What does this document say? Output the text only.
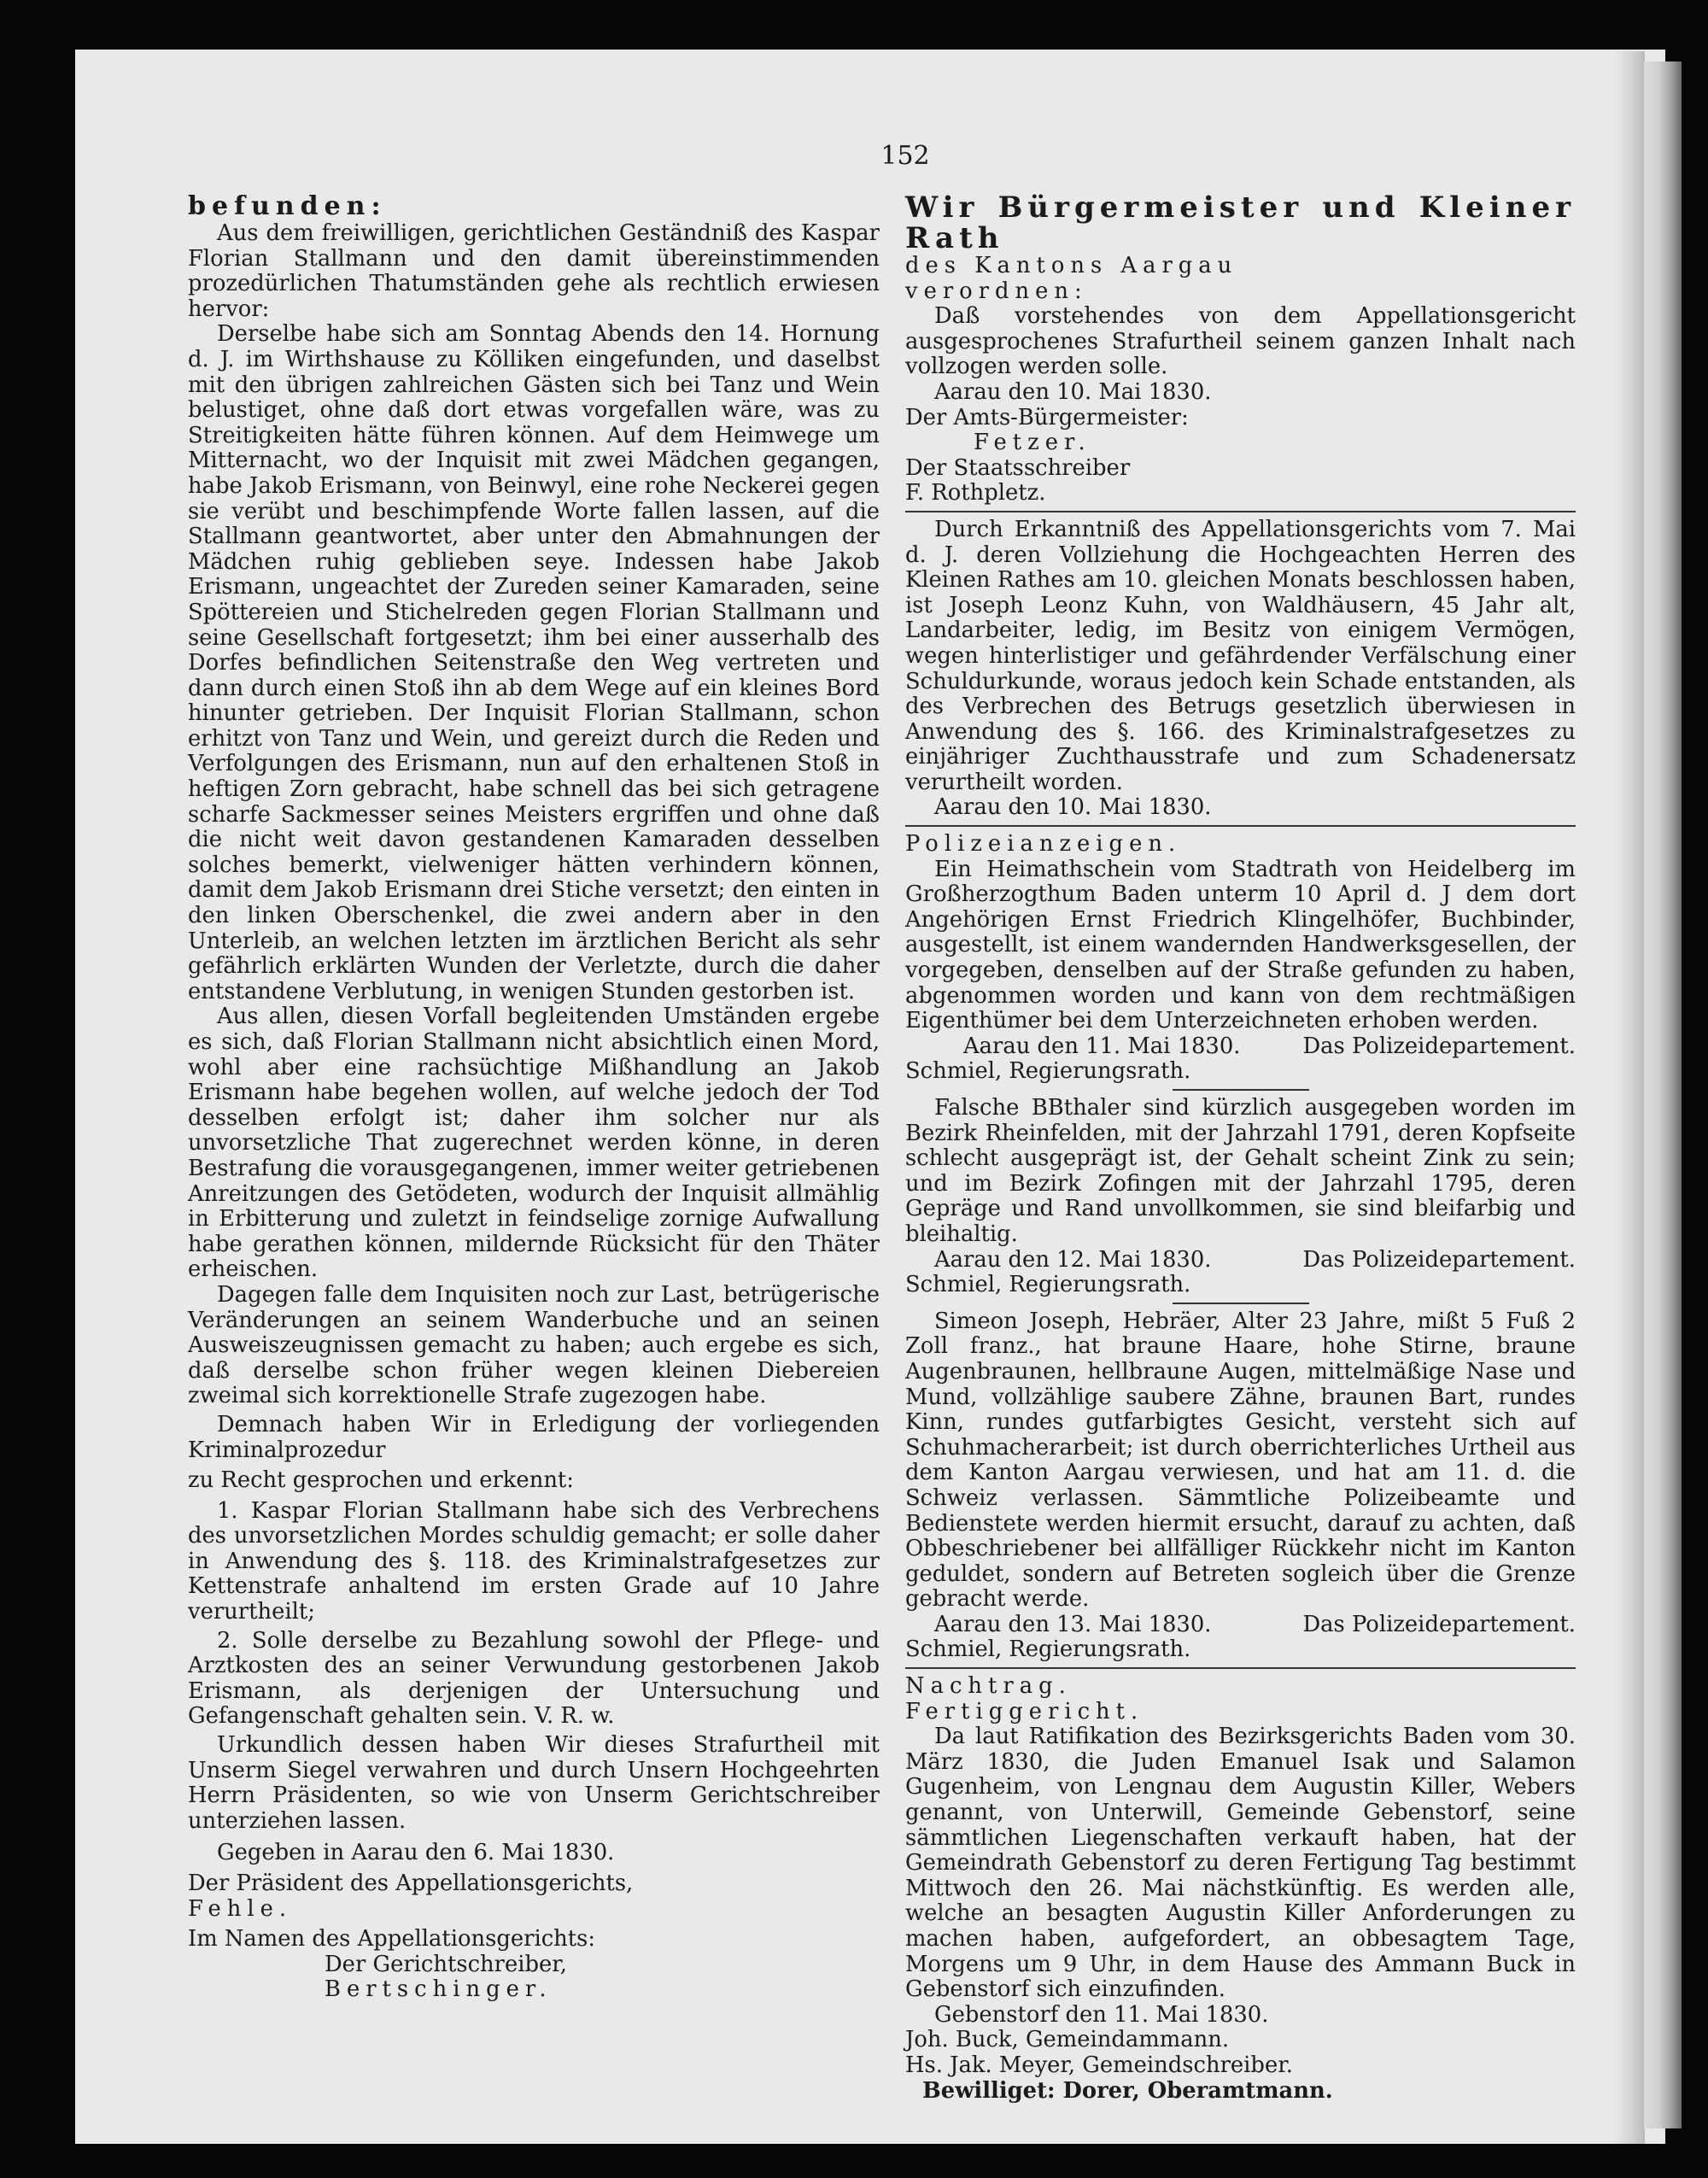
152

befunden:

Aus dem freiwilligen, gerichtlichen Geständniß des Kaspar Florian Stallmann und den damit übereinstimmenden prozedürlichen Thatumständen gehe als rechtlich erwiesen hervor:

Derselbe habe sich am Sonntag Abends den 14. Hornung d. J. im Wirthshause zu Kölliken eingefunden, und daselbst mit den übrigen zahlreichen Gästen sich bei Tanz und Wein belustiget, ohne daß dort etwas vorgefallen wäre, was zu Streitigkeiten hätte führen können. Auf dem Heimwege um Mitternacht, wo der Inquisit mit zwei Mädchen gegangen, habe Jakob Erismann, von Beinwyl, eine rohe Neckerei gegen sie verübt und beschimpfende Worte fallen lassen, auf die Stallmann geantwortet, aber unter den Abmahnungen der Mädchen ruhig geblieben seye. Indessen habe Jakob Erismann, ungeachtet der Zureden seiner Kamaraden, seine Spöttereien und Stichelreden gegen Florian Stallmann und seine Gesellschaft fortgesetzt; ihm bei einer ausserhalb des Dorfes befindlichen Seitenstraße den Weg vertreten und dann durch einen Stoß ihn ab dem Wege auf ein kleines Bord hinunter getrieben. Der Inquisit Florian Stallmann, schon erhitzt von Tanz und Wein, und gereizt durch die Reden und Verfolgungen des Erismann, nun auf den erhaltenen Stoß in heftigen Zorn gebracht, habe schnell das bei sich getragene scharfe Sackmesser seines Meisters ergriffen und ohne daß die nicht weit davon gestandenen Kamaraden desselben solches bemerkt, vielweniger hätten verhindern können, damit dem Jakob Erismann drei Stiche versetzt; den einten in den linken Oberschenkel, die zwei andern aber in den Unterleib, an welchen letzten im ärztlichen Bericht als sehr gefährlich erklärten Wunden der Verletzte, durch die daher entstandene Verblutung, in wenigen Stunden gestorben ist.

Aus allen, diesen Vorfall begleitenden Umständen ergebe es sich, daß Florian Stallmann nicht absichtlich einen Mord, wohl aber eine rachsüchtige Mißhandlung an Jakob Erismann habe begehen wollen, auf welche jedoch der Tod desselben erfolgt ist; daher ihm solcher nur als unvorsetzliche That zugerechnet werden könne, in deren Bestrafung die vorausgegangenen, immer weiter getriebenen Anreitzungen des Getödeten, wodurch der Inquisit allmählig in Erbitterung und zuletzt in feindselige zornige Aufwallung habe gerathen können, mildernde Rücksicht für den Thäter erheischen.

Dagegen falle dem Inquisiten noch zur Last, betrügerische Veränderungen an seinem Wanderbuche und an seinen Ausweiszeugnissen gemacht zu haben; auch ergebe es sich, daß derselbe schon früher wegen kleinen Diebereien zweimal sich korrektionelle Strafe zugezogen habe.

Demnach haben Wir in Erledigung der vorliegenden Kriminalprozedur

zu Recht gesprochen und erkennt:

1. Kaspar Florian Stallmann habe sich des Verbrechens des unvorsetzlichen Mordes schuldig gemacht; er solle daher in Anwendung des §. 118. des Kriminalstrafgesetzes zur Kettenstrafe anhaltend im ersten Grade auf 10 Jahre verurtheilt;

2. Solle derselbe zu Bezahlung sowohl der Pflege- und Arztkosten des an seiner Verwundung gestorbenen Jakob Erismann, als derjenigen der Untersuchung und Gefangenschaft gehalten sein. V. R. w.

Urkundlich dessen haben Wir dieses Strafurtheil mit Unserm Siegel verwahren und durch Unsern Hochgeehrten Herrn Präsidenten, so wie von Unserm Gerichtschreiber unterziehen lassen.

Gegeben in Aarau den 6. Mai 1830.

Der Präsident des Appellationsgerichts,

Fehle.

Im Namen des Appellationsgerichts:

Der Gerichtschreiber,

Bertschinger.

Wir Bürgermeister und Kleiner Rath

des Kantons Aargau

verordnen:

Daß vorstehendes von dem Appellationsgericht ausgesprochenes Strafurtheil seinem ganzen Inhalt nach vollzogen werden solle.

Aarau den 10. Mai 1830.

Der Amts-Bürgermeister:

Fetzer.

Der Staatsschreiber

F. Rothpletz.

Durch Erkanntniß des Appellationsgerichts vom 7. Mai d. J. deren Vollziehung die Hochgeachten Herren des Kleinen Rathes am 10. gleichen Monats beschlossen haben, ist Joseph Leonz Kuhn, von Waldhäusern, 45 Jahr alt, Landarbeiter, ledig, im Besitz von einigem Vermögen, wegen hinterlistiger und gefährdender Verfälschung einer Schuldurkunde, woraus jedoch kein Schade entstanden, als des Verbrechen des Betrugs gesetzlich überwiesen in Anwendung des §. 166. des Kriminalstrafgesetzes zu einjähriger Zuchthausstrafe und zum Schadenersatz verurtheilt worden.

Aarau den 10. Mai 1830.

Polizeianzeigen.

Ein Heimathschein vom Stadtrath von Heidelberg im Großherzogthum Baden unterm 10 April d. J dem dort Angehörigen Ernst Friedrich Klingelhöfer, Buchbinder, ausgestellt, ist einem wandernden Handwerksgesellen, der vorgegeben, denselben auf der Straße gefunden zu haben, abgenommen worden und kann von dem rechtmäßigen Eigenthümer bei dem Unterzeichneten erhoben werden.

Aarau den 11. Mai 1830.	Das Polizeidepartement.

Schmiel, Regierungsrath.

Falsche BBthaler sind kürzlich ausgegeben worden im Bezirk Rheinfelden, mit der Jahrzahl 1791, deren Kopfseite schlecht ausgeprägt ist, der Gehalt scheint Zink zu sein; und im Bezirk Zofingen mit der Jahrzahl 1795, deren Gepräge und Rand unvollkommen, sie sind bleifarbig und bleihaltig.

Aarau den 12. Mai 1830.	Das Polizeidepartement.

Schmiel, Regierungsrath.

Simeon Joseph, Hebräer, Alter 23 Jahre, mißt 5 Fuß 2 Zoll franz., hat braune Haare, hohe Stirne, braune Augenbraunen, hellbraune Augen, mittelmäßige Nase und Mund, vollzählige saubere Zähne, braunen Bart, rundes Kinn, rundes gutfarbigtes Gesicht, versteht sich auf Schuhmacherarbeit; ist durch oberrichterliches Urtheil aus dem Kanton Aargau verwiesen, und hat am 11. d. die Schweiz verlassen. Sämmtliche Polizeibeamte und Bedienstete werden hiermit ersucht, darauf zu achten, daß Obbeschriebener bei allfälliger Rückkehr nicht im Kanton geduldet, sondern auf Betreten sogleich über die Grenze gebracht werde.

Aarau den 13. Mai 1830.	Das Polizeidepartement.

Schmiel, Regierungsrath.

Nachtrag.

Fertiggericht.

Da laut Ratifikation des Bezirksgerichts Baden vom 30. März 1830, die Juden Emanuel Isak und Salamon Gugenheim, von Lengnau dem Augustin Killer, Webers genannt, von Unterwill, Gemeinde Gebenstorf, seine sämmtlichen Liegenschaften verkauft haben, hat der Gemeindrath Gebenstorf zu deren Fertigung Tag bestimmt Mittwoch den 26. Mai nächstkünftig. Es werden alle, welche an besagten Augustin Killer Anforderungen zu machen haben, aufgefordert, an obbesagtem Tage, Morgens um 9 Uhr, in dem Hause des Ammann Buck in Gebenstorf sich einzufinden.

Gebenstorf den 11. Mai 1830.

Joh. Buck, Gemeindammann.

Hs. Jak. Meyer, Gemeindschreiber.

Bewilliget: Dorer, Oberamtmann.
